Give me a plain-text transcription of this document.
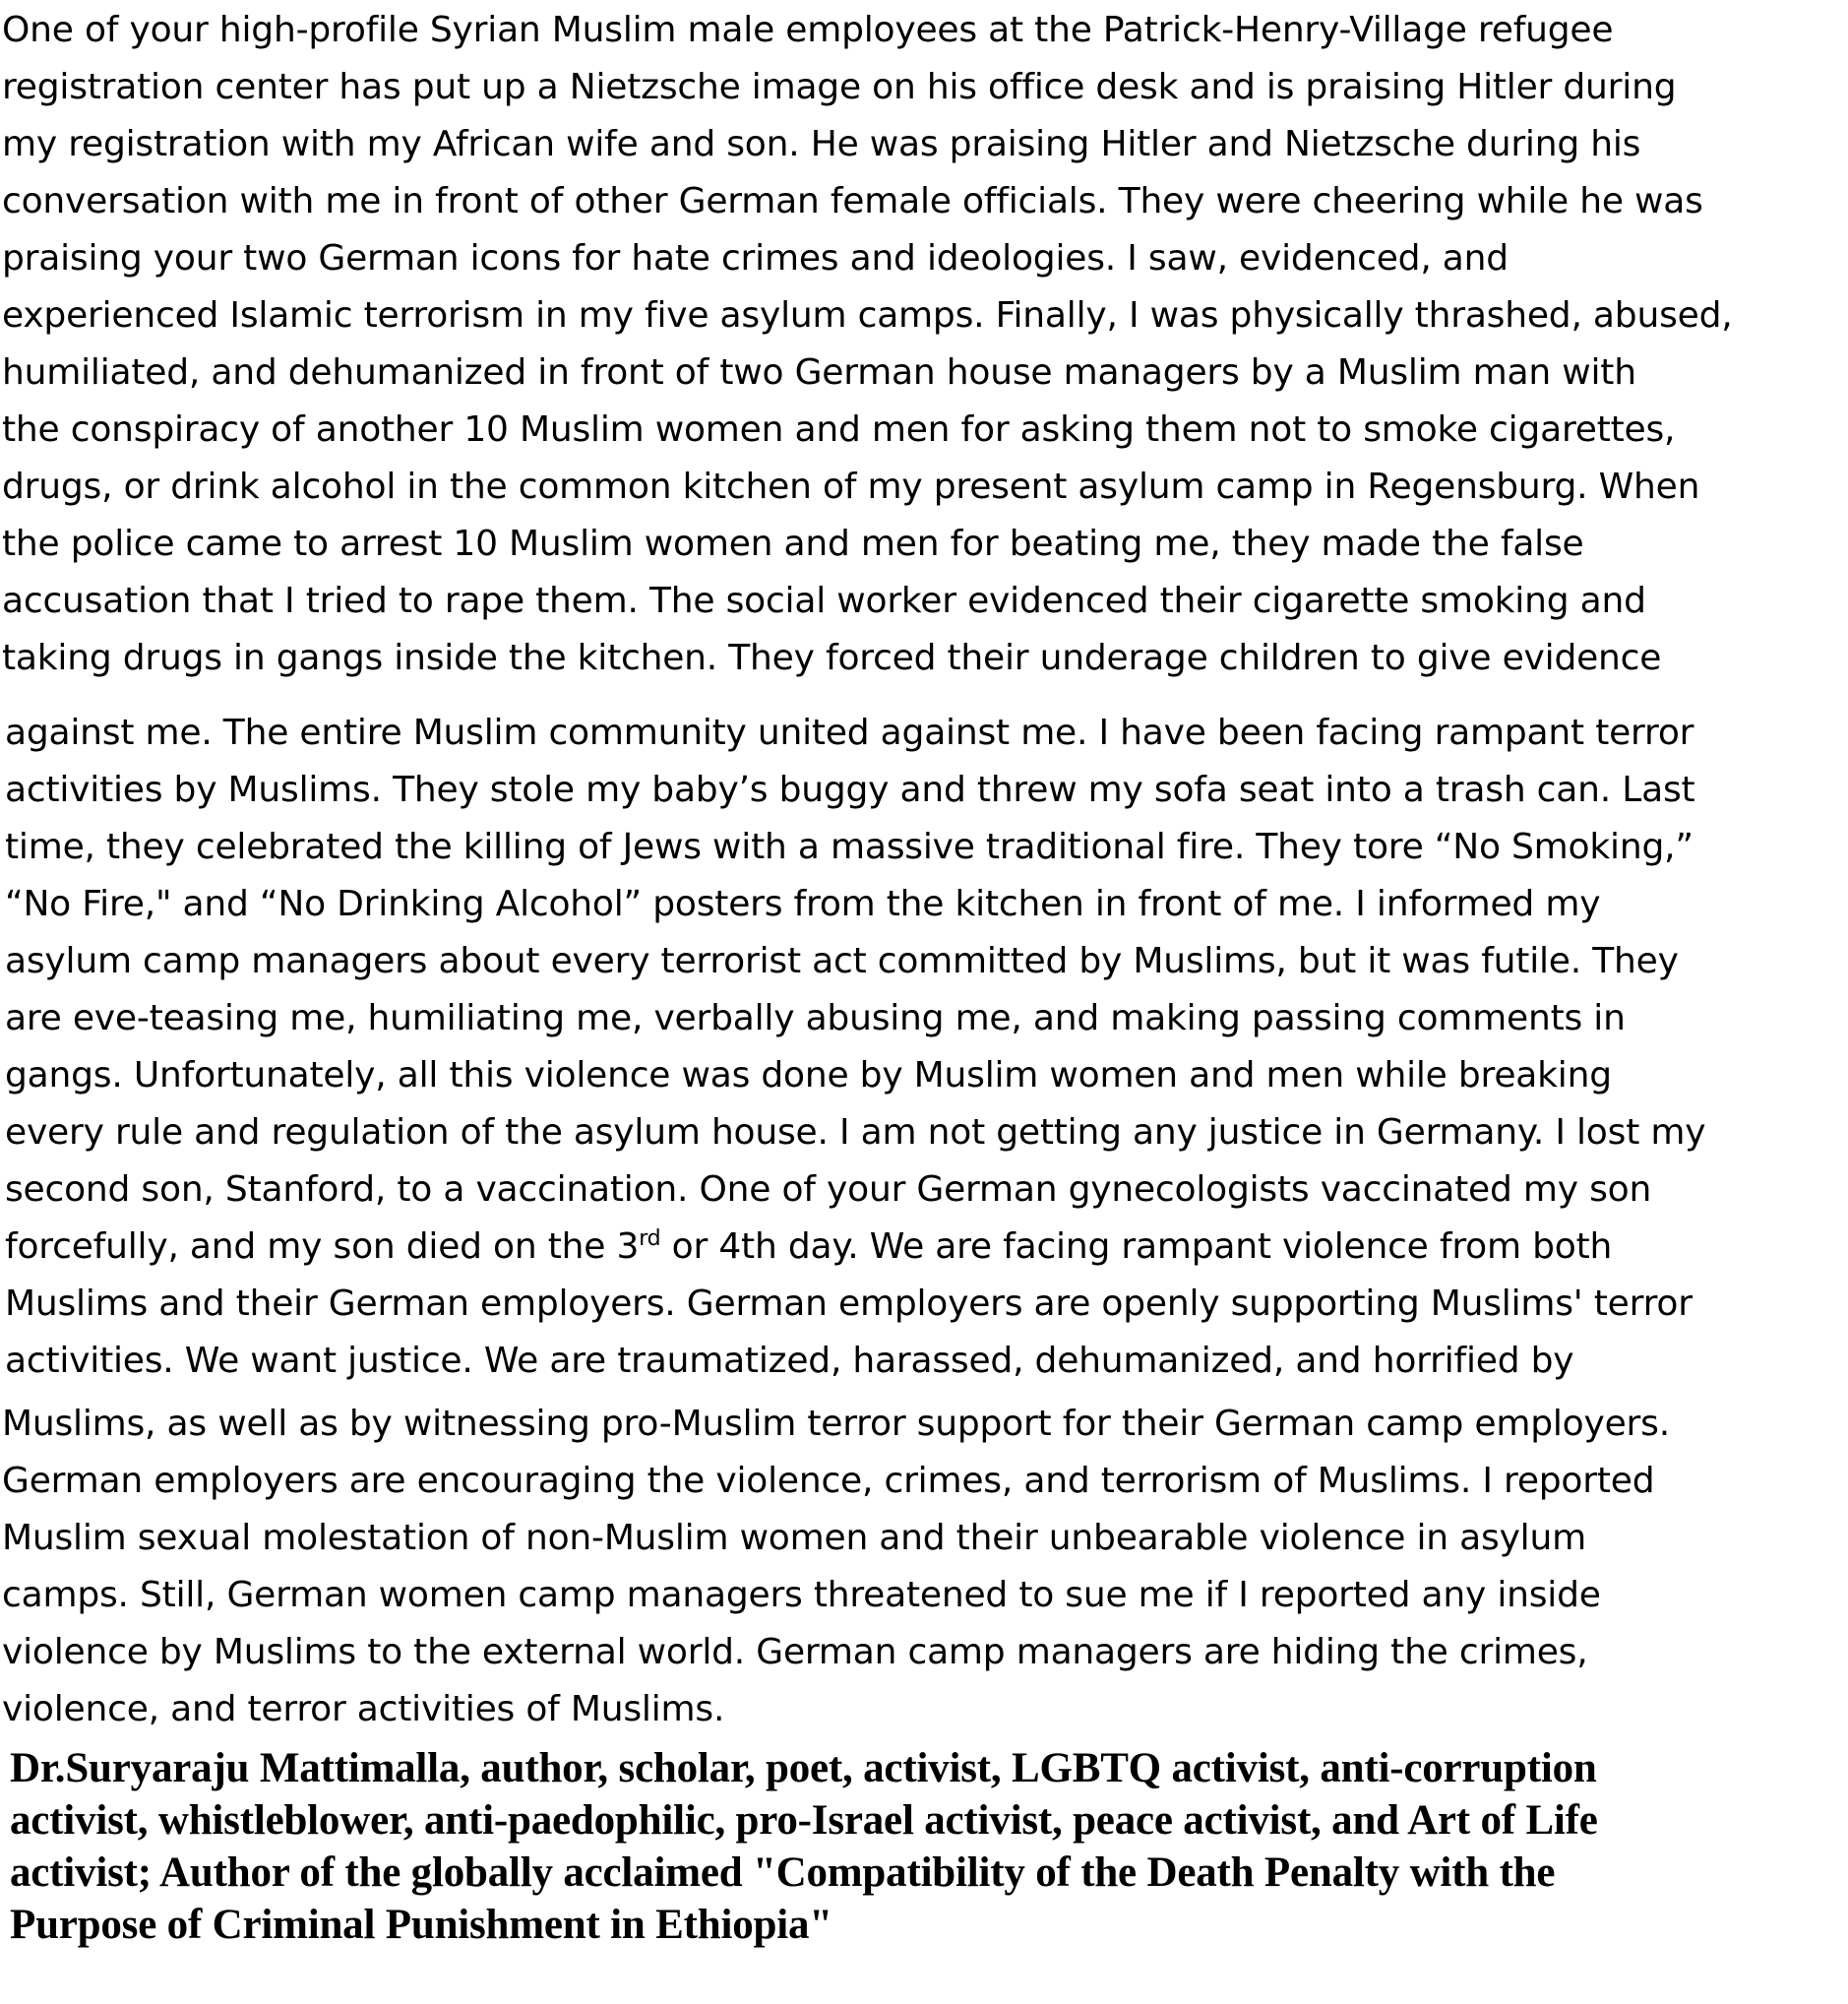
One of your high-profile Syrian Muslim male employees at the Patrick-Henry-Village refugee
registration center has put up a Nietzsche image on his office desk and is praising Hitler during
my registration with my African wife and son. He was praising Hitler and Nietzsche during his
conversation with me in front of other German female officials. They were cheering while he was
praising your two German icons for hate crimes and ideologies. I saw, evidenced, and
experienced Islamic terrorism in my five asylum camps. Finally, I was physically thrashed, abused,
humiliated, and dehumanized in front of two German house managers by a Muslim man with
the conspiracy of another 10 Muslim women and men for asking them not to smoke cigarettes,
drugs, or drink alcohol in the common kitchen of my present asylum camp in Regensburg. When
the police came to arrest 10 Muslim women and men for beating me, they made the false
accusation that I tried to rape them. The social worker evidenced their cigarette smoking and
taking drugs in gangs inside the kitchen. They forced their underage children to give evidence
against me. The entire Muslim community united against me. I have been facing rampant terror
activities by Muslims. They stole my baby’s buggy and threw my sofa seat into a trash can. Last
time, they celebrated the killing of Jews with a massive traditional fire. They tore “No Smoking,”
“No Fire," and “No Drinking Alcohol” posters from the kitchen in front of me. I informed my
asylum camp managers about every terrorist act committed by Muslims, but it was futile. They
are eve-teasing me, humiliating me, verbally abusing me, and making passing comments in
gangs. Unfortunately, all this violence was done by Muslim women and men while breaking
every rule and regulation of the asylum house. I am not getting any justice in Germany. I lost my
second son, Stanford, to a vaccination. One of your German gynecologists vaccinated my son
forcefully, and my son died on the 3rd or 4th day. We are facing rampant violence from both
Muslims and their German employers. German employers are openly supporting Muslims' terror
activities. We want justice. We are traumatized, harassed, dehumanized, and horrified by
Muslims, as well as by witnessing pro-Muslim terror support for their German camp employers.
German employers are encouraging the violence, crimes, and terrorism of Muslims. I reported
Muslim sexual molestation of non-Muslim women and their unbearable violence in asylum
camps. Still, German women camp managers threatened to sue me if I reported any inside
violence by Muslims to the external world. German camp managers are hiding the crimes,
violence, and terror activities of Muslims.
Dr.Suryaraju Mattimalla, author, scholar, poet, activist, LGBTQ activist, anti-corruption
activist, whistleblower, anti-paedophilic, pro-Israel activist, peace activist, and Art of Life
activist; Author of the globally acclaimed "Compatibility of the Death Penalty with the
Purpose of Criminal Punishment in Ethiopia"
